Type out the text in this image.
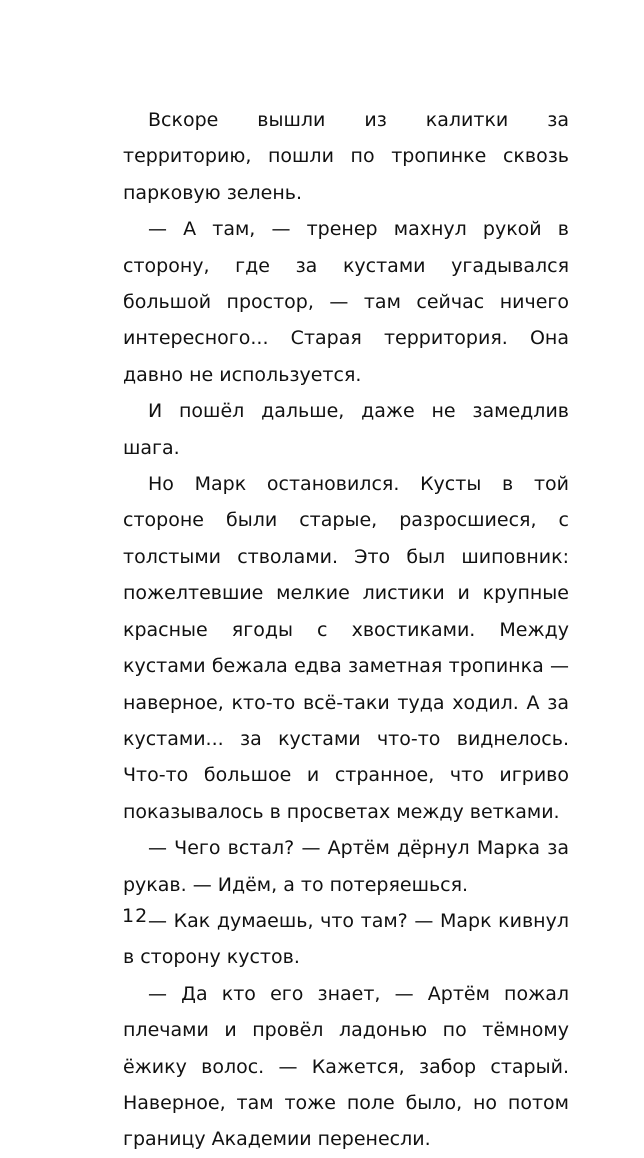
Вскоре вышли из калитки за территорию, пошли по тропинке сквозь парковую зелень.

— А там, — тренер махнул рукой в сторону, где за кустами угадывался большой простор, — там сейчас ничего интересного... Старая территория. Она давно не используется.

И пошёл дальше, даже не замедлив шага.

Но Марк остановился. Кусты в той стороне были старые, разросшиеся, с толстыми стволами. Это был шиповник: пожелтевшие мелкие листики и крупные красные ягоды с хвостиками. Между кустами бежала едва заметная тропинка — наверное, кто-то всё-таки туда ходил. А за кустами... за кустами что-то виднелось. Что-то большое и странное, что игриво показывалось в просветах между ветками.

— Чего встал? — Артём дёрнул Марка за рукав. — Идём, а то потеряешься.

— Как думаешь, что там? — Марк кивнул в сторону кустов.

— Да кто его знает, — Артём пожал плечами и провёл ладонью по тёмному ёжику волос. — Кажется, забор старый. Наверное, там тоже поле было, но потом границу Академии перенесли.

12
